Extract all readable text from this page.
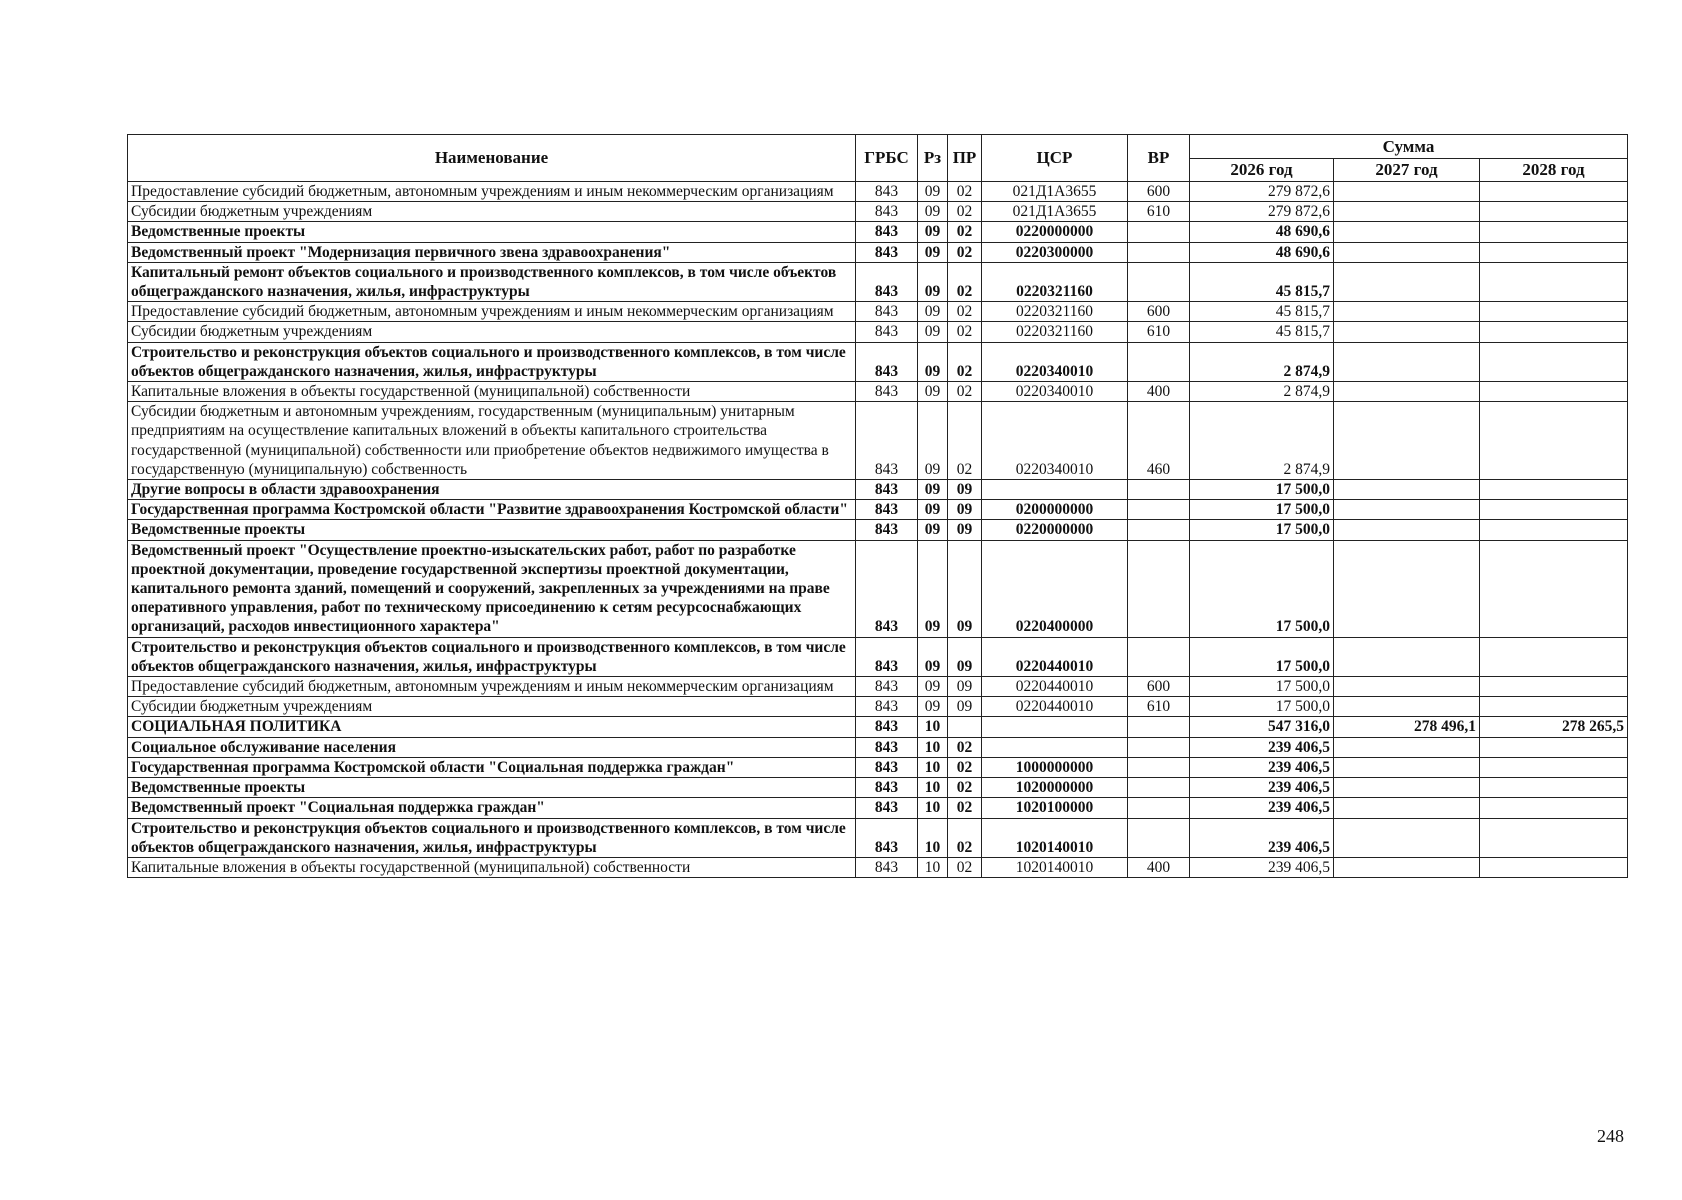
Наименование	ГРБС	Рз	ПР	ЦСР	ВР	Сумма		
						2026 год	2027 год	2028 год
Предоставление субсидий бюджетным, автономным учреждениям и иным некоммерческим организациям	843	09	02	021Д1А3655	600	279 872,6		
Субсидии бюджетным учреждениям	843	09	02	021Д1А3655	610	279 872,6		
Ведомственные проекты	843	09	02	0220000000		48 690,6		
Ведомственный проект "Модернизация первичного звена здравоохранения"	843	09	02	0220300000		48 690,6		
Капитальный ремонт объектов социального и производственного комплексов, в том числе объектов общегражданского назначения, жилья, инфраструктуры	843	09	02	0220321160		45 815,7		
Предоставление субсидий бюджетным, автономным учреждениям и иным некоммерческим организациям	843	09	02	0220321160	600	45 815,7		
Субсидии бюджетным учреждениям	843	09	02	0220321160	610	45 815,7		
Строительство и реконструкция объектов социального и производственного комплексов, в том числе объектов общегражданского назначения, жилья, инфраструктуры	843	09	02	0220340010		2 874,9		
Капитальные вложения в объекты государственной (муниципальной) собственности	843	09	02	0220340010	400	2 874,9		
Субсидии бюджетным и автономным учреждениям, государственным (муниципальным) унитарным предприятиям на осуществление капитальных вложений в объекты капитального строительства государственной (муниципальной) собственности или приобретение объектов недвижимого имущества в государственную (муниципальную) собственность	843	09	02	0220340010	460	2 874,9		
Другие вопросы в области здравоохранения	843	09	09			17 500,0		
Государственная программа Костромской области "Развитие здравоохранения Костромской области"	843	09	09	0200000000		17 500,0		
Ведомственные проекты	843	09	09	0220000000		17 500,0		
Ведомственный проект "Осуществление проектно-изыскательских работ, работ по разработке проектной документации, проведение государственной экспертизы проектной документации, капитального ремонта зданий, помещений и сооружений, закрепленных за учреждениями на праве оперативного управления, работ по техническому присоединению к сетям ресурсоснабжающих организаций, расходов инвестиционного характера"	843	09	09	0220400000		17 500,0		
Строительство и реконструкция объектов социального и производственного комплексов, в том числе объектов общегражданского назначения, жилья, инфраструктуры	843	09	09	0220440010		17 500,0		
Предоставление субсидий бюджетным, автономным учреждениям и иным некоммерческим организациям	843	09	09	0220440010	600	17 500,0		
Субсидии бюджетным учреждениям	843	09	09	0220440010	610	17 500,0		
СОЦИАЛЬНАЯ ПОЛИТИКА	843	10				547 316,0	278 496,1	278 265,5
Социальное обслуживание населения	843	10	02			239 406,5		
Государственная программа Костромской области "Социальная поддержка граждан"	843	10	02	1000000000		239 406,5		
Ведомственные проекты	843	10	02	1020000000		239 406,5		
Ведомственный проект "Социальная поддержка граждан"	843	10	02	1020100000		239 406,5		
Строительство и реконструкция объектов социального и производственного комплексов, в том числе объектов общегражданского назначения, жилья, инфраструктуры	843	10	02	1020140010		239 406,5		
Капитальные вложения в объекты государственной (муниципальной) собственности	843	10	02	1020140010	400	239 406,5		
248
